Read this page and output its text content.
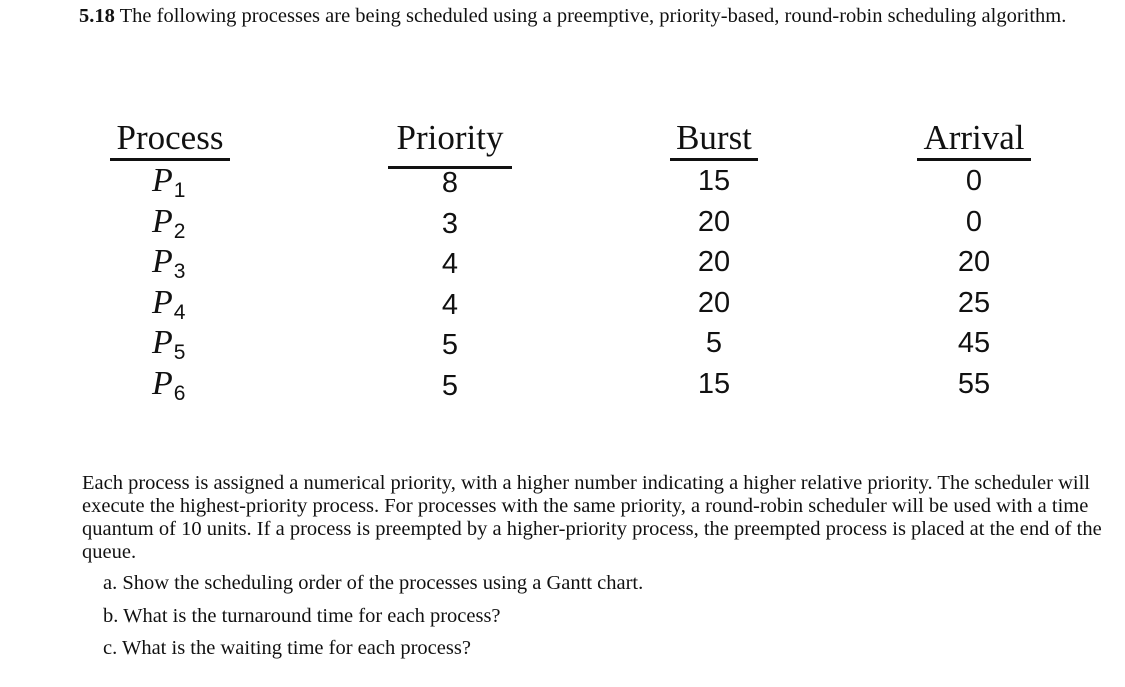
5.18 The following processes are being scheduled using a preemptive, priority-based, round-robin scheduling algorithm.
Process
$P_1$
$P_2$
$P_3$
$P_4$
$P_5$
$P_6$
Priority
8
3
4
4
5
5
Burst
15
20
20
20
5
15
Arrival
0
0
20
25
45
55
Each process is assigned a numerical priority, with a higher number indicating a higher relative priority. The scheduler will execute the highest-priority process. For processes with the same priority, a round-robin scheduler will be used with a time quantum of 10 units. If a process is preempted by a higher-priority process, the preempted process is placed at the end of the queue.
a. Show the scheduling order of the processes using a Gantt chart.
b. What is the turnaround time for each process?
c. What is the waiting time for each process?
